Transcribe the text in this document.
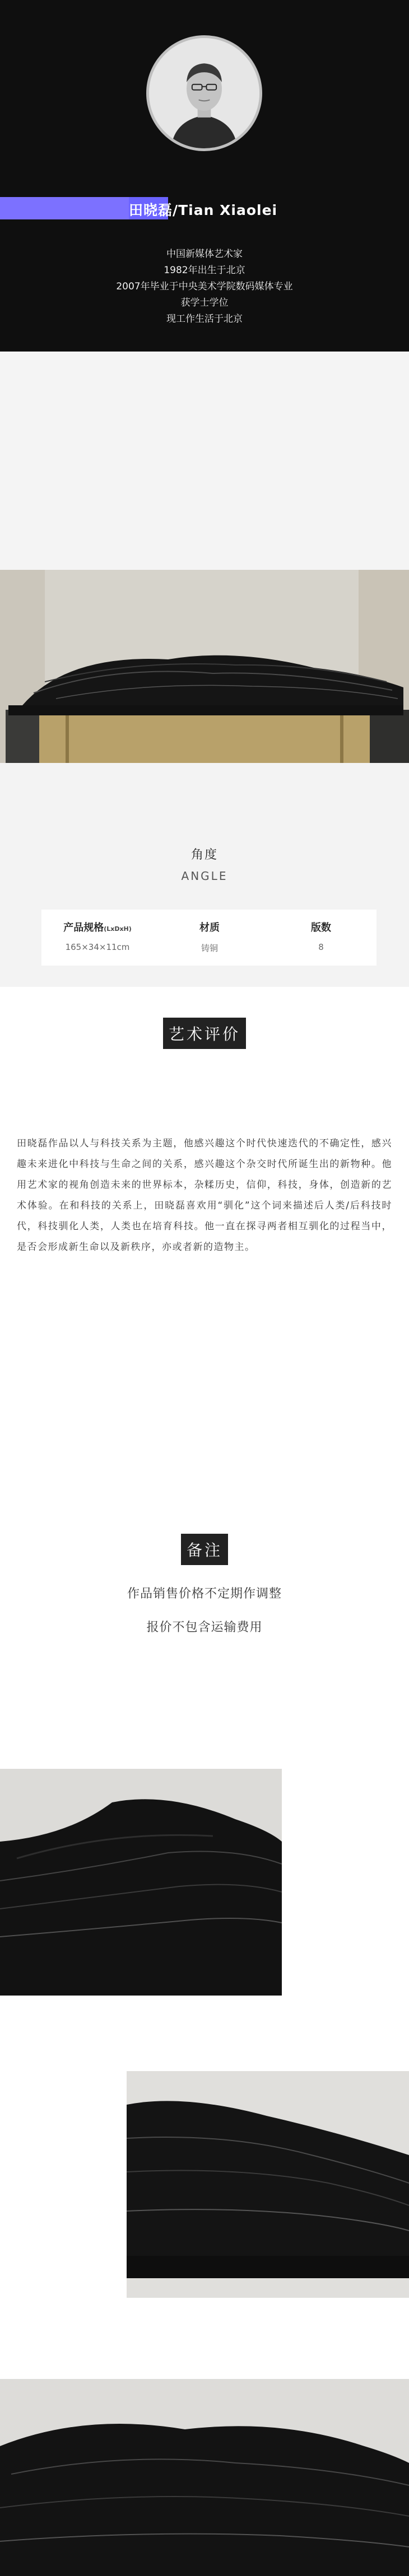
田晓磊/Tian Xiaolei
中国新媒体艺术家
1982年出生于北京
2007年毕业于中央美术学院数码媒体专业
获学士学位
现工作生活于北京
角度
ANGLE
产品规格(LxDxH)
165×34×11cm
材质
铸铜
版数
8
艺术评价
田晓磊作品以人与科技关系为主题，他感兴趣这个时代快速迭代的不确定性，感兴趣未来进化中科技与生命之间的关系，感兴趣这个杂交时代所诞生出的新物种。他用艺术家的视角创造未来的世界标本，杂糅历史，信仰，科技，身体，创造新的艺术体验。在和科技的关系上，田晓磊喜欢用“驯化”这个词来描述后人类/后科技时代，科技驯化人类，人类也在培育科技。他一直在探寻两者相互驯化的过程当中，是否会形成新生命以及新秩序，亦或者新的造物主。
备注
作品销售价格不定期作调整
报价不包含运输费用
